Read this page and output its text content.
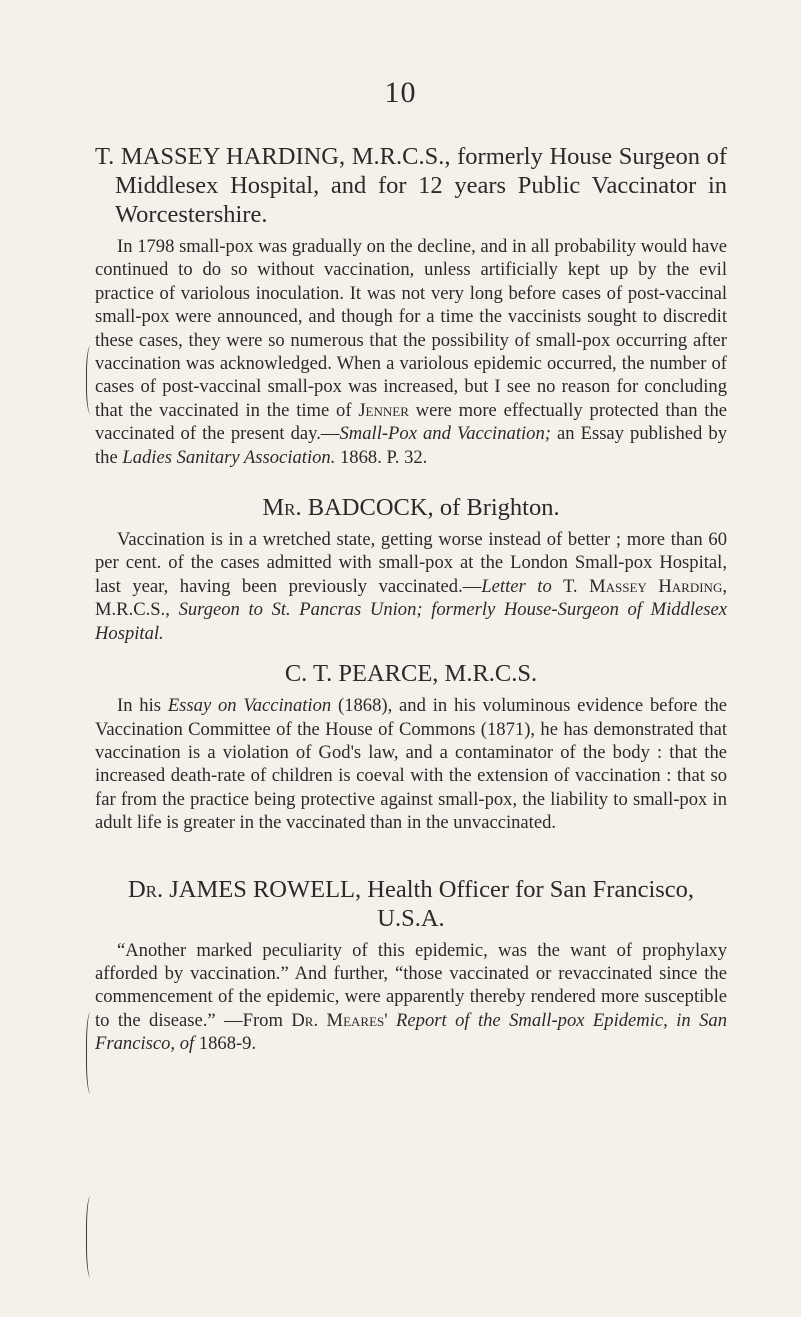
10
T. MASSEY HARDING, M.R.C.S., formerly House Surgeon of Middlesex Hospital, and for 12 years Public Vaccinator in Worcestershire.

In 1798 small-pox was gradually on the decline, and in all probability would have continued to do so without vaccination, unless artificially kept up by the evil practice of variolous inoculation. It was not very long before cases of post-vaccinal small-pox were announced, and though for a time the vaccinists sought to discredit these cases, they were so numerous that the possibility of small-pox occurring after vaccination was acknowledged. When a variolous epidemic occurred, the number of cases of post-vaccinal small-pox was increased, but I see no reason for concluding that the vaccinated in the time of Jenner were more effectually protected than the vaccinated of the present day.—Small-Pox and Vaccination; an Essay published by the Ladies Sanitary Association. 1868. P. 32.

Mr. BADCOCK, of Brighton.

Vaccination is in a wretched state, getting worse instead of better ; more than 60 per cent. of the cases admitted with small-pox at the London Small-pox Hospital, last year, having been previously vaccinated.—Letter to T. Massey Harding, M.R.C.S., Surgeon to St. Pancras Union; formerly House-Surgeon of Middlesex Hospital.

C. T. PEARCE, M.R.C.S.

In his Essay on Vaccination (1868), and in his voluminous evidence before the Vaccination Committee of the House of Commons (1871), he has demonstrated that vaccination is a violation of God's law, and a contaminator of the body : that the increased death-rate of children is coeval with the extension of vaccination : that so far from the practice being protective against small-pox, the liability to small-pox in adult life is greater in the vaccinated than in the unvaccinated.

Dr. JAMES ROWELL, Health Officer for San Francisco, U.S.A.

“Another marked peculiarity of this epidemic, was the want of prophylaxy afforded by vaccination.” And further, “those vaccinated or revaccinated since the commencement of the epidemic, were apparently thereby rendered more susceptible to the disease.” —From Dr. Meares' Report of the Small-pox Epidemic, in San Francisco, of 1868-9.
